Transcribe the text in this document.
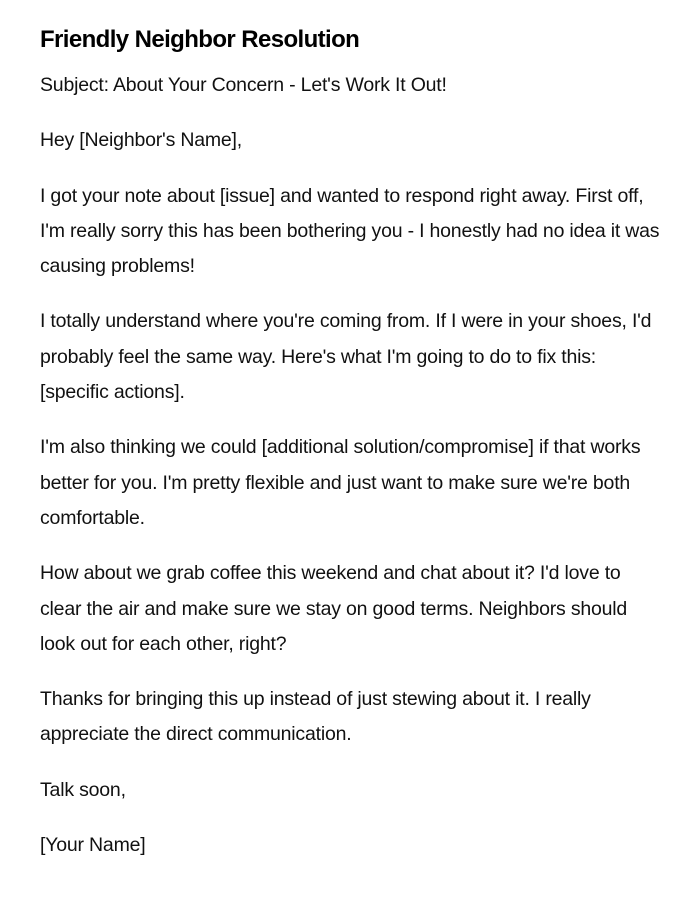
Friendly Neighbor Resolution

Subject: About Your Concern - Let's Work It Out!

Hey [Neighbor's Name],

I got your note about [issue] and wanted to respond right away. First off, I'm really sorry this has been bothering you - I honestly had no idea it was causing problems!

I totally understand where you're coming from. If I were in your shoes, I'd probably feel the same way. Here's what I'm going to do to fix this: [specific actions].

I'm also thinking we could [additional solution/compromise] if that works better for you. I'm pretty flexible and just want to make sure we're both comfortable.

How about we grab coffee this weekend and chat about it? I'd love to clear the air and make sure we stay on good terms. Neighbors should look out for each other, right?

Thanks for bringing this up instead of just stewing about it. I really appreciate the direct communication.

Talk soon,

[Your Name]
